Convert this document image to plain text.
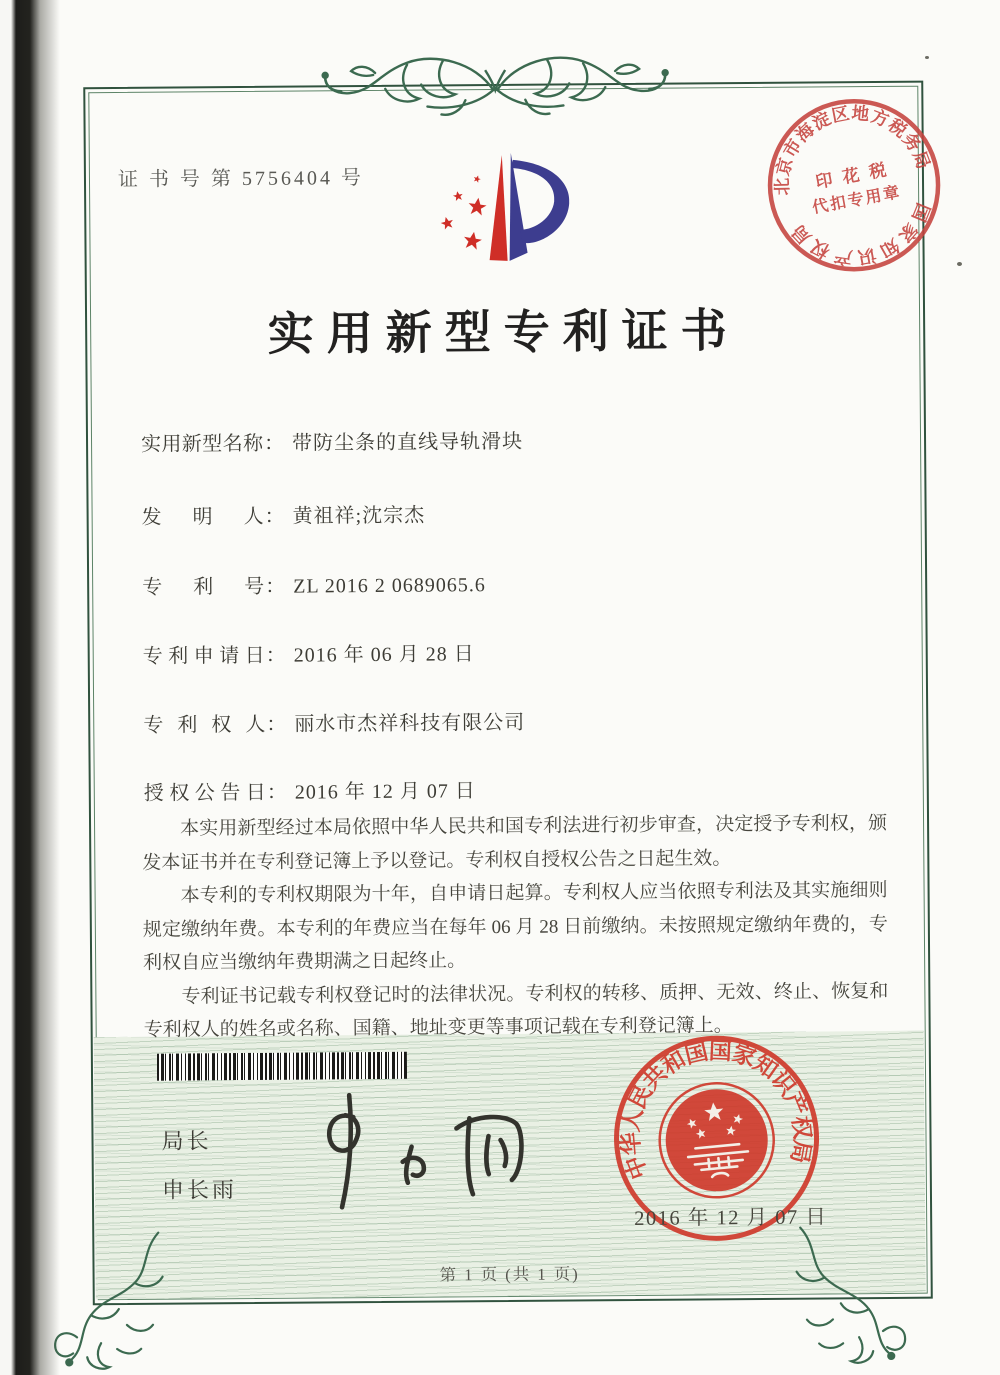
证 书 号 第 5756404 号	北京市海淀区地方税务局
国家知识产权局
印 花 税
代扣专用章
实用新型专利证书
实用新型名称： 带防尘条的直线导轨滑块
发明人： 黄祖祥;沈宗杰
专利号： ZL 2016 2 0689065.6
专利申请日： 2016 年 06 月 28 日
专利权人： 丽水市杰祥科技有限公司
授权公告日： 2016 年 12 月 07 日

本实用新型经过本局依照中华人民共和国专利法进行初步审查，决定授予专利权，颁发本证书并在专利登记簿上予以登记。专利权自授权公告之日起生效。

本专利的专利权期限为十年，自申请日起算。专利权人应当依照专利法及其实施细则规定缴纳年费。本专利的年费应当在每年 06 月 28 日前缴纳。未按照规定缴纳年费的，专利权自应当缴纳年费期满之日起终止。

专利证书记载专利权登记时的法律状况。专利权的转移、质押、无效、终止、恢复和专利权人的姓名或名称、国籍、地址变更等事项记载在专利登记簿上。

局长
申长雨
中华人民共和国国家知识产权局
2016 年 12 月 07 日
第 1 页 (共 1 页)
